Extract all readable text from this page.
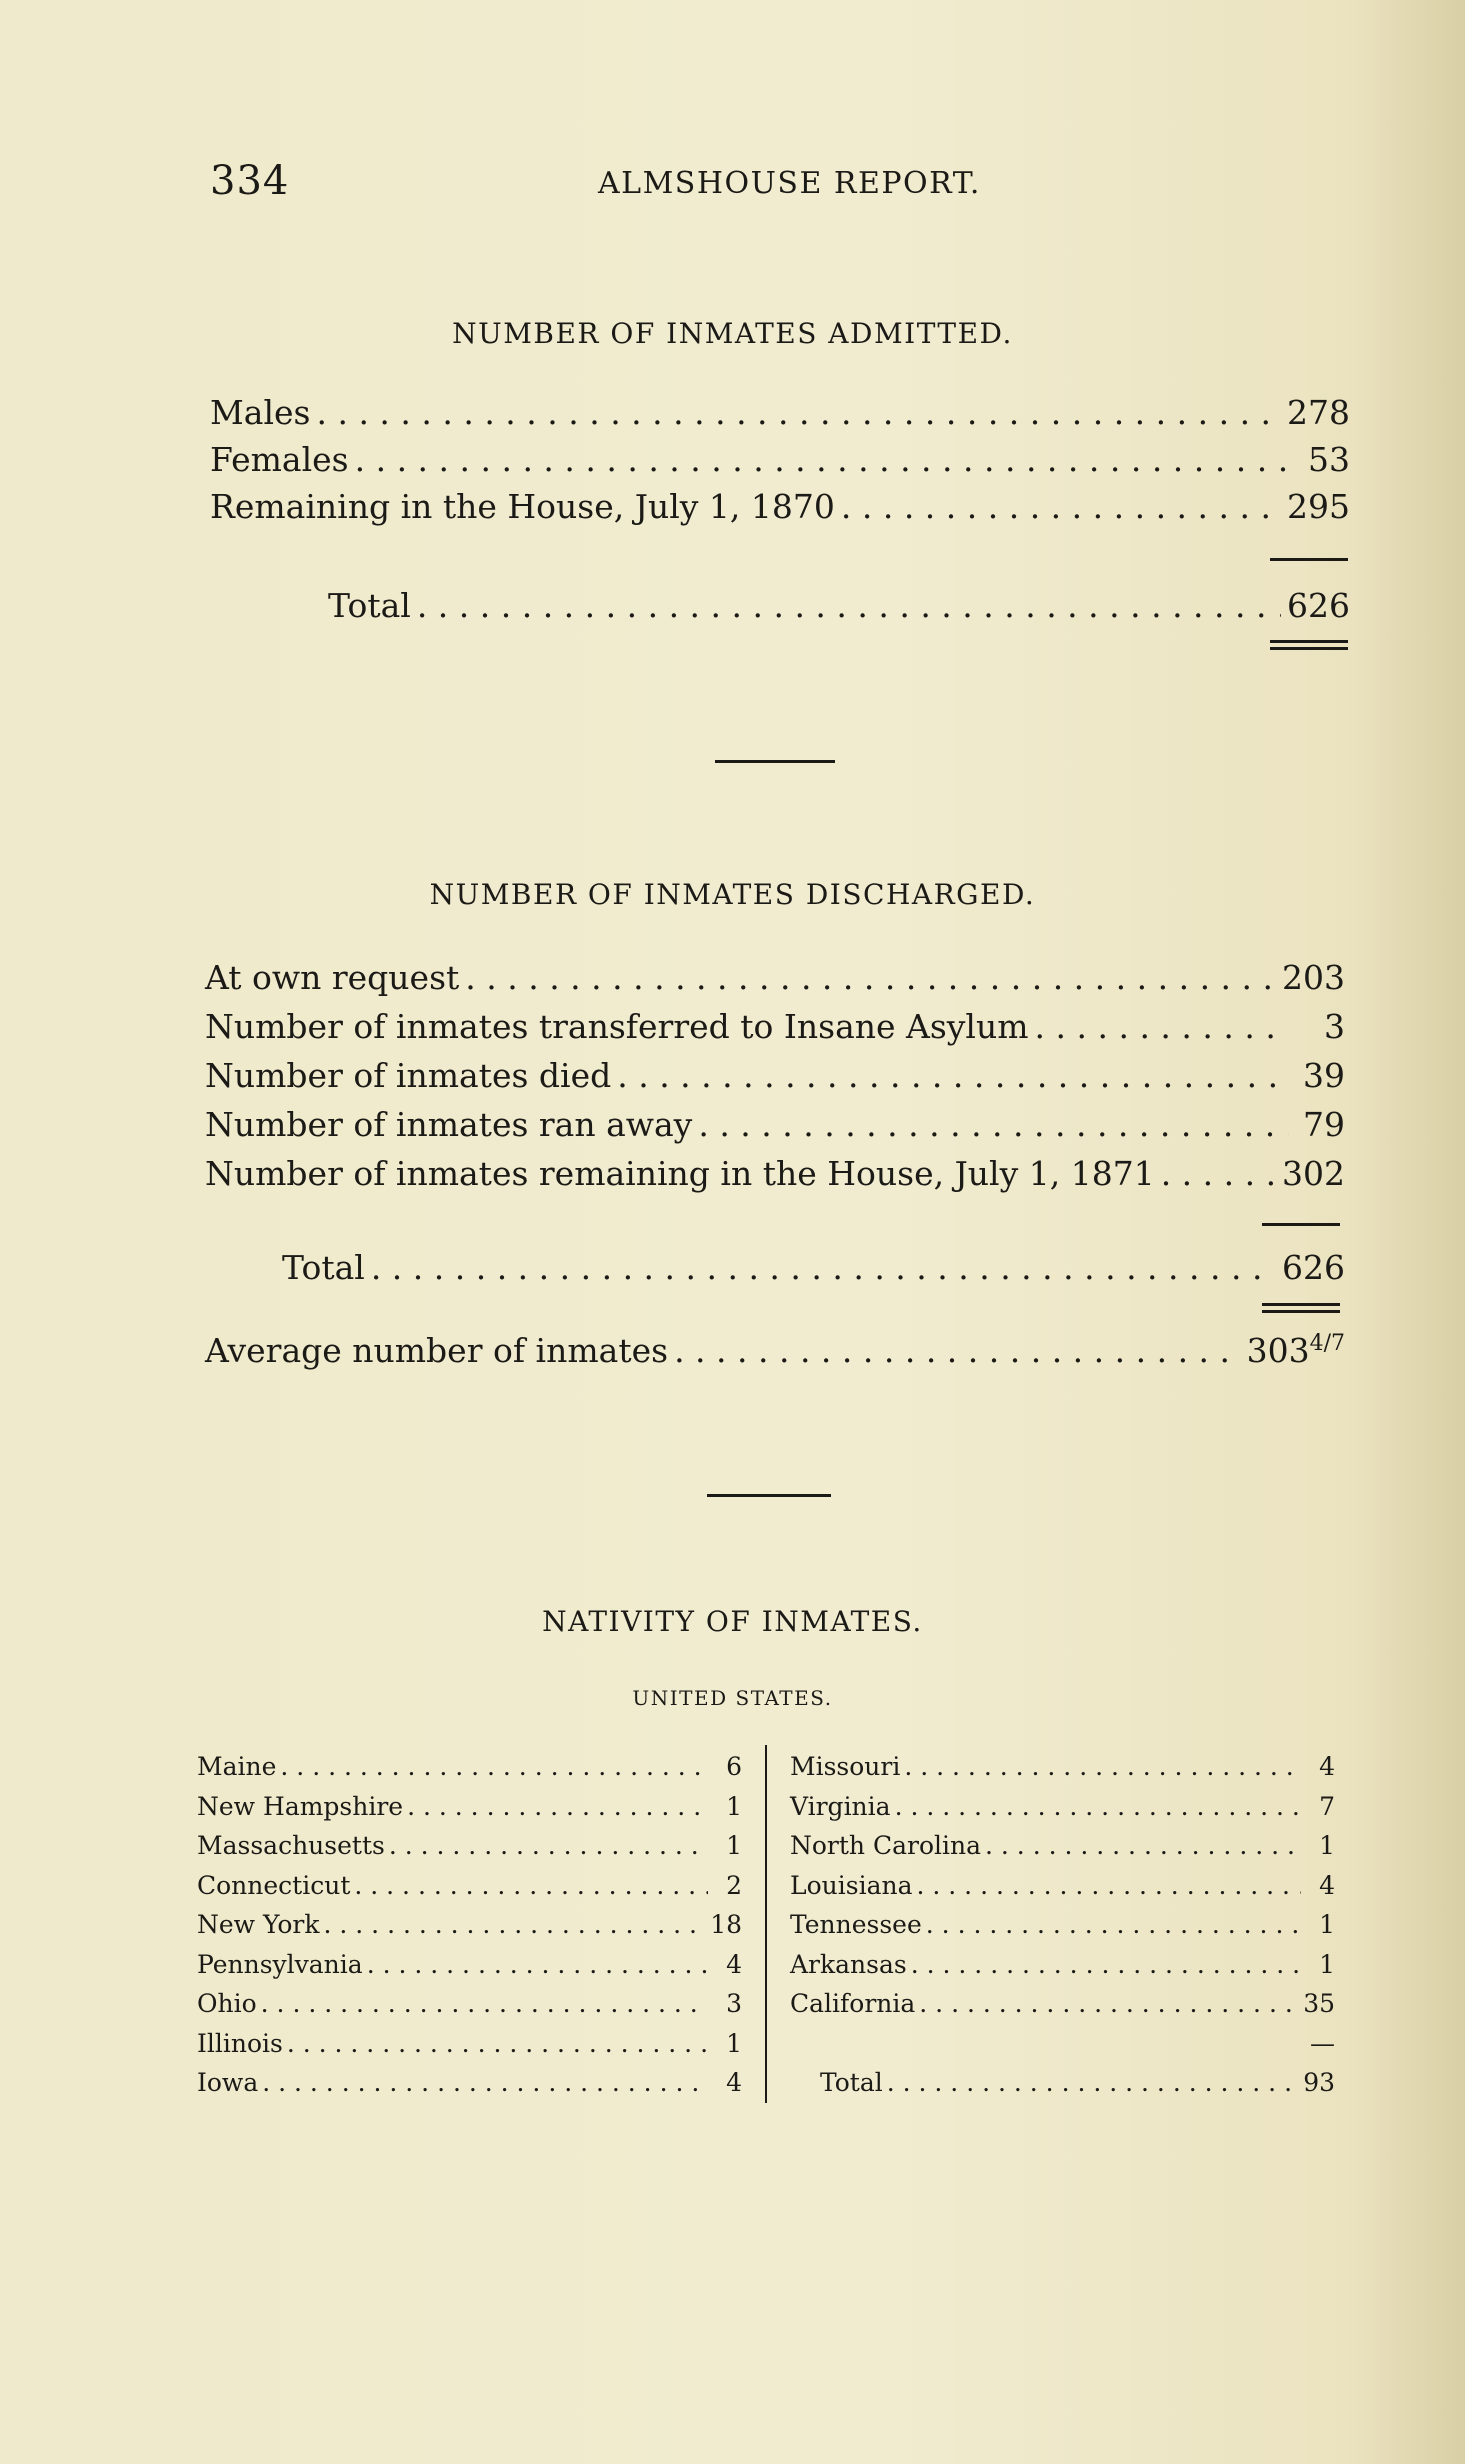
334	ALMSHOUSE REPORT.
NUMBER OF INMATES ADMITTED.
Males . . .	278
Females . . .	53
Remaining in the House, July 1, 1870 . . .	295
Total . . .	626
NUMBER OF INMATES DISCHARGED.
At own request . . .	203
Number of inmates transferred to Insane Asylum . . .	3
Number of inmates died . . .	39
Number of inmates ran away . . .	79
Number of inmates remaining in the House, July 1, 1871 . . .	302
Total . . .	626
Average number of inmates . . .	$303^{4/7}$
NATIVITY OF INMATES.
UNITED STATES.
Maine . . .	6
New Hampshire . . .	1
Massachusetts . . .	1
Connecticut . . .	2
New York . . .	18
Pennsylvania . . .	4
Ohio . . .	3
Illinois . . .	1
Iowa . . .	4
Missouri . . .	4
Virginia . . .	7
North Carolina . . .	1
Louisiana . . .	4
Tennessee . . .	1
Arkansas . . .	1
California . . .	35
—
Total . . .	93
